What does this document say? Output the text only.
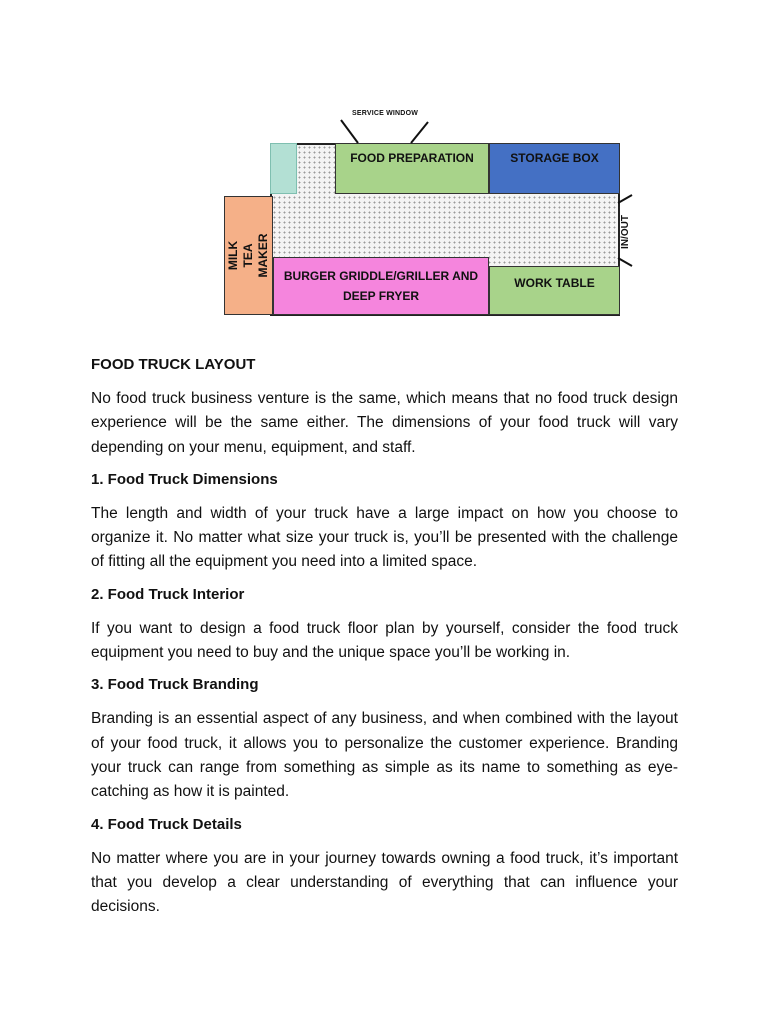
FOOD PREPARATION	STORAGE BOX
MILK TEA MAKER BURGER GRIDDLE/GRILLER AND DEEP FRYER
WORK TABLE
SERVICE WINDOW
IN/OUT
FOOD TRUCK LAYOUT
No food truck business venture is the same, which means that no food truck design experience will be the same either. The dimensions of your food truck will vary depending on your menu, equipment, and staff.
1. Food Truck Dimensions
The length and width of your truck have a large impact on how you choose to organize it. No matter what size your truck is, you’ll be presented with the challenge of fitting all the equipment you need into a limited space.
2. Food Truck Interior
If you want to design a food truck floor plan by yourself, consider the food truck equipment you need to buy and the unique space you’ll be working in.
3. Food Truck Branding
Branding is an essential aspect of any business, and when combined with the layout of your food truck, it allows you to personalize the customer experience. Branding your truck can range from something as simple as its name to something as eye-catching as how it is painted.
4. Food Truck Details
No matter where you are in your journey towards owning a food truck, it’s important that you develop a clear understanding of everything that can influence your decisions.
